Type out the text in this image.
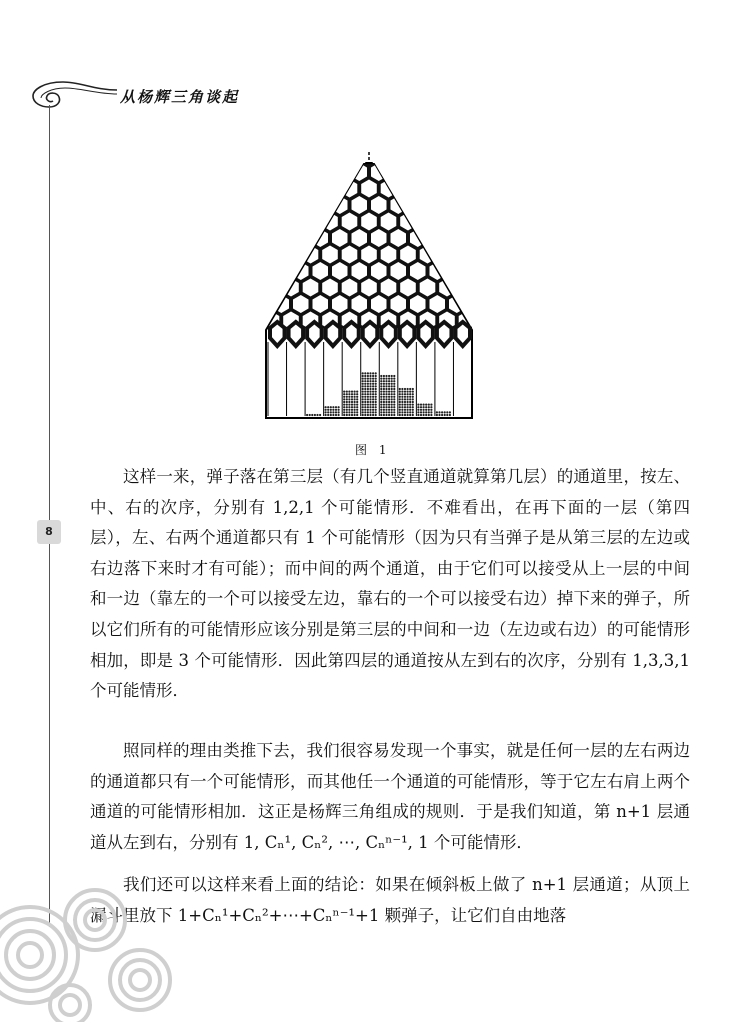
从杨辉三角谈起
8
图 1

这样一来，弹子落在第三层（有几个竖直通道就算第几层）的通道里，按左、中、右的次序，分别有 1,2,1 个可能情形．不难看出，在再下面的一层（第四层），左、右两个通道都只有 1 个可能情形（因为只有当弹子是从第三层的左边或右边落下来时才有可能）；而中间的两个通道，由于它们可以接受从上一层的中间和一边（靠左的一个可以接受左边，靠右的一个可以接受右边）掉下来的弹子，所以它们所有的可能情形应该分别是第三层的中间和一边（左边或右边）的可能情形相加，即是 3 个可能情形．因此第四层的通道按从左到右的次序，分别有 1,3,3,1 个可能情形．

照同样的理由类推下去，我们很容易发现一个事实，就是任何一层的左右两边的通道都只有一个可能情形，而其他任一个通道的可能情形，等于它左右肩上两个通道的可能情形相加．这正是杨辉三角组成的规则．于是我们知道，第 n+1 层通道从左到右，分别有 1, Cₙ¹, Cₙ², ⋯, Cₙⁿ⁻¹, 1 个可能情形．

我们还可以这样来看上面的结论：如果在倾斜板上做了 n+1 层通道；从顶上漏斗里放下 1+Cₙ¹+Cₙ²+⋯+Cₙⁿ⁻¹+1 颗弹子，让它们自由地落
